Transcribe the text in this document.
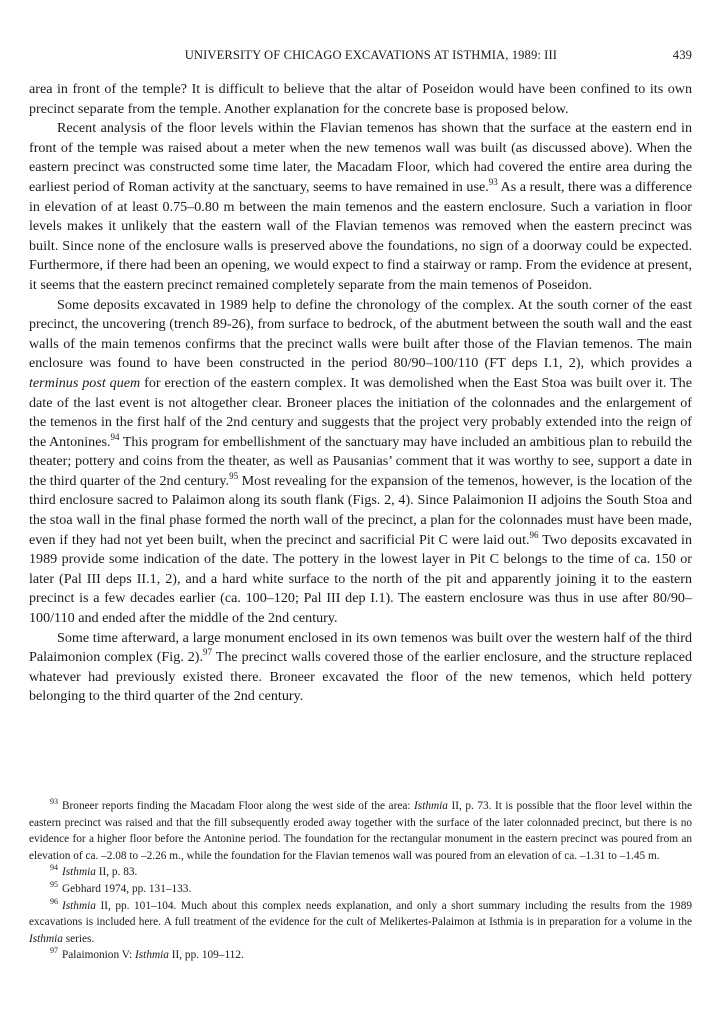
UNIVERSITY OF CHICAGO EXCAVATIONS AT ISTHMIA, 1989: III	439

area in front of the temple? It is difficult to believe that the altar of Poseidon would have been confined to its own precinct separate from the temple. Another explanation for the concrete base is proposed below.

Recent analysis of the floor levels within the Flavian temenos has shown that the surface at the eastern end in front of the temple was raised about a meter when the new temenos wall was built (as discussed above). When the eastern precinct was constructed some time later, the Macadam Floor, which had covered the entire area during the earliest period of Roman activity at the sanctuary, seems to have remained in use.$^{93}$ As a result, there was a difference in elevation of at least 0.75–0.80 m between the main temenos and the eastern enclosure. Such a variation in floor levels makes it unlikely that the eastern wall of the Flavian temenos was removed when the eastern precinct was built. Since none of the enclosure walls is preserved above the foundations, no sign of a doorway could be expected. Furthermore, if there had been an opening, we would expect to find a stairway or ramp. From the evidence at present, it seems that the eastern precinct remained completely separate from the main temenos of Poseidon.

Some deposits excavated in 1989 help to define the chronology of the complex. At the south corner of the east precinct, the uncovering (trench 89-26), from surface to bedrock, of the abutment between the south wall and the east walls of the main temenos confirms that the precinct walls were built after those of the Flavian temenos. The main enclosure was found to have been constructed in the period 80/90–100/110 (FT deps I.1, 2), which provides a terminus post quem for erection of the eastern complex. It was demolished when the East Stoa was built over it. The date of the last event is not altogether clear. Broneer places the initiation of the colonnades and the enlargement of the temenos in the first half of the 2nd century and suggests that the project very probably extended into the reign of the Antonines.$^{94}$ This program for embellishment of the sanctuary may have included an ambitious plan to rebuild the theater; pottery and coins from the theater, as well as Pausanias’ comment that it was worthy to see, support a date in the third quarter of the 2nd century.$^{95}$ Most revealing for the expansion of the temenos, however, is the location of the third enclosure sacred to Palaimon along its south flank (Figs. 2, 4). Since Palaimonion II adjoins the South Stoa and the stoa wall in the final phase formed the north wall of the precinct, a plan for the colonnades must have been made, even if they had not yet been built, when the precinct and sacrificial Pit C were laid out.$^{96}$ Two deposits excavated in 1989 provide some indication of the date. The pottery in the lowest layer in Pit C belongs to the time of ca. 150 or later (Pal III deps II.1, 2), and a hard white surface to the north of the pit and apparently joining it to the eastern precinct is a few decades earlier (ca. 100–120; Pal III dep I.1). The eastern enclosure was thus in use after 80/90–100/110 and ended after the middle of the 2nd century.

Some time afterward, a large monument enclosed in its own temenos was built over the western half of the third Palaimonion complex (Fig. 2).$^{97}$ The precinct walls covered those of the earlier enclosure, and the structure replaced whatever had previously existed there. Broneer excavated the floor of the new temenos, which held pottery belonging to the third quarter of the 2nd century.

$^{93}$ Broneer reports finding the Macadam Floor along the west side of the area: Isthmia II, p. 73. It is possible that the floor level within the eastern precinct was raised and that the fill subsequently eroded away together with the surface of the later colonnaded precinct, but there is no evidence for a higher floor before the Antonine period. The foundation for the rectangular monument in the eastern precinct was poured from an elevation of ca. –2.08 to –2.26 m., while the foundation for the Flavian temenos wall was poured from an elevation of ca. –1.31 to –1.45 m.

$^{94}$ Isthmia II, p. 83.

$^{95}$ Gebhard 1974, pp. 131–133.

$^{96}$ Isthmia II, pp. 101–104. Much about this complex needs explanation, and only a short summary including the results from the 1989 excavations is included here. A full treatment of the evidence for the cult of Melikertes-Palaimon at Isthmia is in preparation for a volume in the Isthmia series.

$^{97}$ Palaimonion V: Isthmia II, pp. 109–112.
